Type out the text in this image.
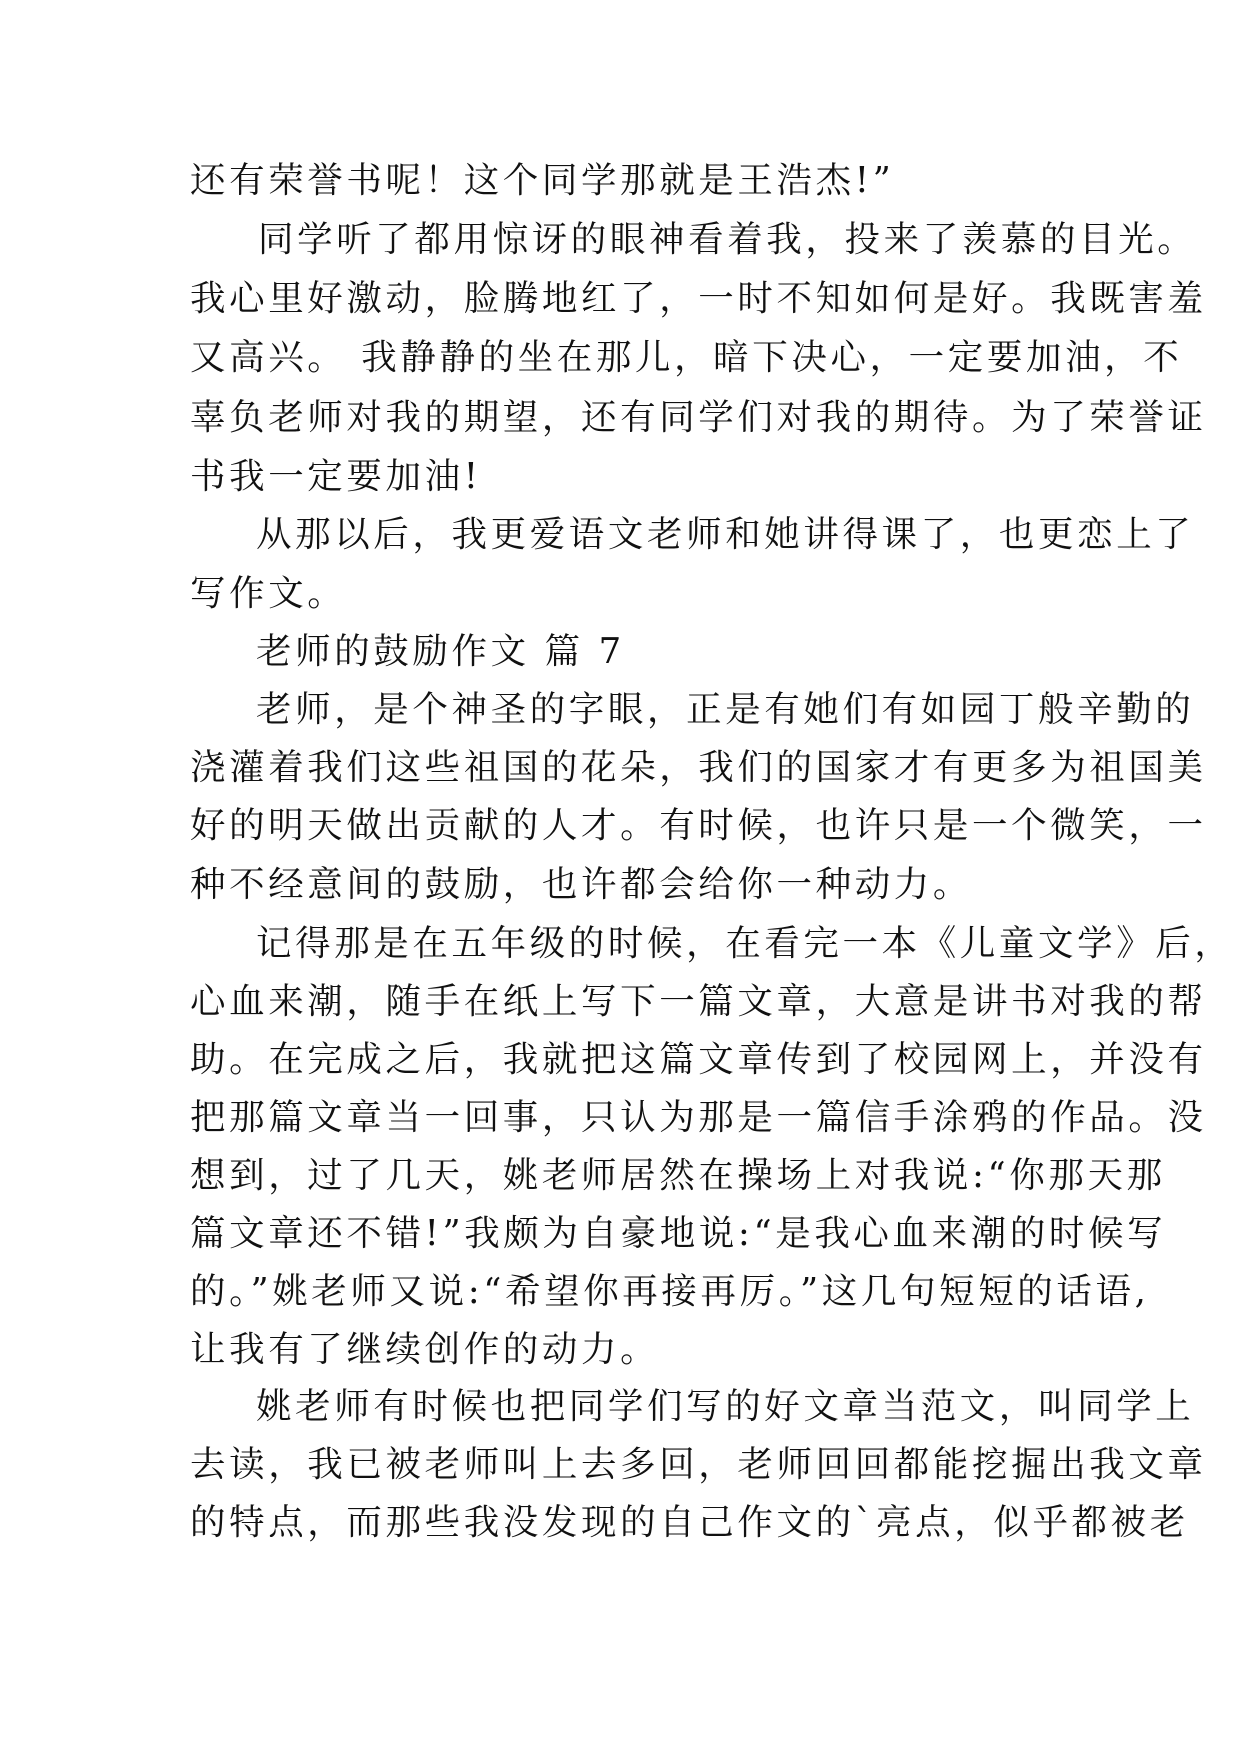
还有荣誉书呢！这个同学那就是王浩杰!”
同学听了都用惊讶的眼神看着我，投来了羡慕的目光。
我心里好激动，脸腾地红了，一时不知如何是好。我既害羞
又高兴。 我静静的坐在那儿，暗下决心，一定要加油，不
辜负老师对我的期望，还有同学们对我的期待。为了荣誉证
书我一定要加油!
从那以后，我更爱语文老师和她讲得课了，也更恋上了
写作文。
老师的鼓励作文 篇 7
老师，是个神圣的字眼，正是有她们有如园丁般辛勤的
浇灌着我们这些祖国的花朵，我们的国家才有更多为祖国美
好的明天做出贡献的人才。有时候，也许只是一个微笑，一
种不经意间的鼓励，也许都会给你一种动力。
记得那是在五年级的时候，在看完一本《儿童文学》后，
心血来潮，随手在纸上写下一篇文章，大意是讲书对我的帮
助。在完成之后，我就把这篇文章传到了校园网上，并没有
把那篇文章当一回事，只认为那是一篇信手涂鸦的作品。没
想到，过了几天，姚老师居然在操场上对我说:“你那天那
篇文章还不错!”我颇为自豪地说:“是我心血来潮的时候写
的。”姚老师又说:“希望你再接再厉。”这几句短短的话语,
让我有了继续创作的动力。
姚老师有时候也把同学们写的好文章当范文，叫同学上
去读，我已被老师叫上去多回，老师回回都能挖掘出我文章
的特点，而那些我没发现的自己作文的`亮点，似乎都被老
